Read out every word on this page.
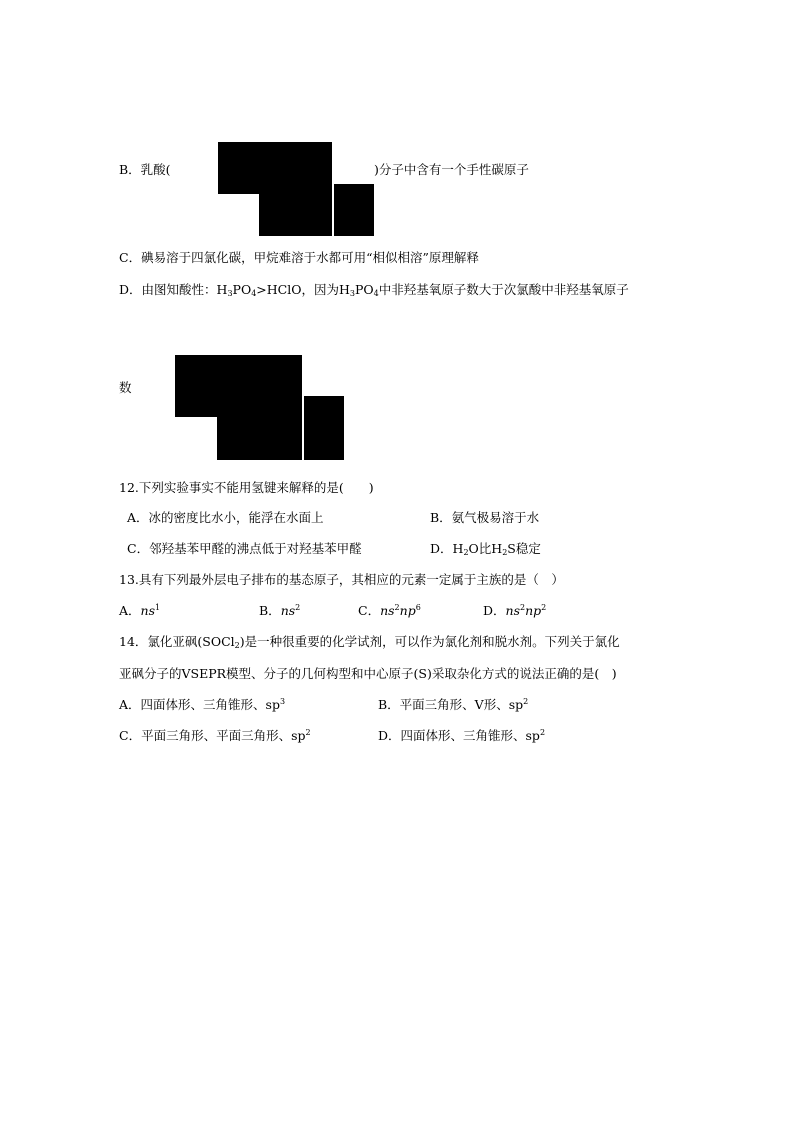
B．乳酸(	)分子中含有一个手性碳原子
C．碘易溶于四氯化碳，甲烷难溶于水都可用“相似相溶”原理解释
D．由图知酸性：$H_3PO_4>HClO$，因为$H_3PO_4$中非羟基氧原子数大于次氯酸中非羟基氧原子
数
12.下列实验事实不能用氢键来解释的是(　　)
A．冰的密度比水小，能浮在水面上	B．氨气极易溶于水
C．邻羟基苯甲醛的沸点低于对羟基苯甲醛	D．$H_2O$比$H_2S$稳定
13.具有下列最外层电子排布的基态原子，其相应的元素一定属于主族的是（　）
A．$ns^1$	B．$ns^2$	C．$ns^2np^6$	D．$ns^2np^2$
14．氯化亚砜(SOCl$_2$)是一种很重要的化学试剂，可以作为氯化剂和脱水剂。下列关于氯化
亚砜分子的VSEPR模型、分子的几何构型和中心原子(S)采取杂化方式的说法正确的是(　)
A．四面体形、三角锥形、$sp^3$	B．平面三角形、V形、$sp^2$
C．平面三角形、平面三角形、$sp^2$	D．四面体形、三角锥形、$sp^2$
